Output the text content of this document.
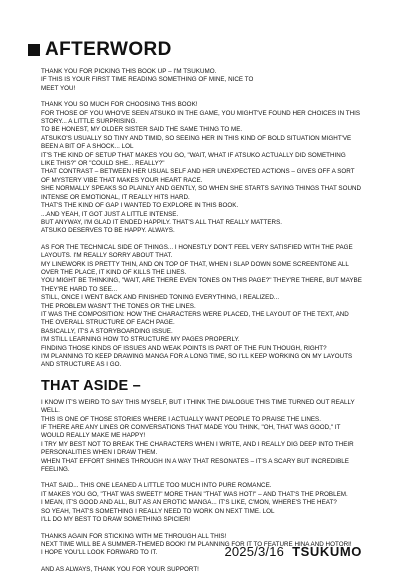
AFTERWORD
THANK YOU FOR PICKING THIS BOOK UP – I'M TSUKUMO.
IF THIS IS YOUR FIRST TIME READING SOMETHING OF MINE, NICE TO
MEET YOU!
THANK YOU SO MUCH FOR CHOOSING THIS BOOK!
FOR THOSE OF YOU WHO'VE SEEN ATSUKO IN THE GAME, YOU MIGHT'VE FOUND HER CHOICES IN THIS
STORY... A LITTLE SURPRISING.
TO BE HONEST, MY OLDER SISTER SAID THE SAME THING TO ME.
ATSUKO'S USUALLY SO TINY AND TIMID, SO SEEING HER IN THIS KIND OF BOLD SITUATION MIGHT'VE
BEEN A BIT OF A SHOCK... LOL
IT'S THE KIND OF SETUP THAT MAKES YOU GO, "WAIT, WHAT IF ATSUKO ACTUALLY DID SOMETHING
LIKE THIS?" OR "COULD SHE... REALLY?"
THAT CONTRAST – BETWEEN HER USUAL SELF AND HER UNEXPECTED ACTIONS – GIVES OFF A SORT
OF MYSTERY VIBE THAT MAKES YOUR HEART RACE.
SHE NORMALLY SPEAKS SO PLAINLY AND GENTLY, SO WHEN SHE STARTS SAYING THINGS THAT SOUND
INTENSE OR EMOTIONAL, IT REALLY HITS HARD.
THAT'S THE KIND OF GAP I WANTED TO EXPLORE IN THIS BOOK.
...AND YEAH, IT GOT JUST A LITTLE INTENSE.
BUT ANYWAY, I'M GLAD IT ENDED HAPPILY. THAT'S ALL THAT REALLY MATTERS.
ATSUKO DESERVES TO BE HAPPY. ALWAYS.
AS FOR THE TECHNICAL SIDE OF THINGS... I HONESTLY DON'T FEEL VERY SATISFIED WITH THE PAGE
LAYOUTS. I'M REALLY SORRY ABOUT THAT.
MY LINEWORK IS PRETTY THIN, AND ON TOP OF THAT, WHEN I SLAP DOWN SOME SCREENTONE ALL
OVER THE PLACE, IT KIND OF KILLS THE LINES.
YOU MIGHT BE THINKING, "WAIT, ARE THERE EVEN TONES ON THIS PAGE?" THEY'RE THERE, BUT MAYBE
THEY'RE HARD TO SEE...
STILL, ONCE I WENT BACK AND FINISHED TONING EVERYTHING, I REALIZED...
THE PROBLEM WASN'T THE TONES OR THE LINES.
IT WAS THE COMPOSITION: HOW THE CHARACTERS WERE PLACED, THE LAYOUT OF THE TEXT, AND
THE OVERALL STRUCTURE OF EACH PAGE.
BASICALLY, IT'S A STORYBOARDING ISSUE.
I'M STILL LEARNING HOW TO STRUCTURE MY PAGES PROPERLY.
FINDING THOSE KINDS OF ISSUES AND WEAK POINTS IS PART OF THE FUN THOUGH, RIGHT?
I'M PLANNING TO KEEP DRAWING MANGA FOR A LONG TIME, SO I'LL KEEP WORKING ON MY LAYOUTS
AND STRUCTURE AS I GO.
THAT ASIDE –
I KNOW IT'S WEIRD TO SAY THIS MYSELF, BUT I THINK THE DIALOGUE THIS TIME TURNED OUT REALLY
WELL.
THIS IS ONE OF THOSE STORIES WHERE I ACTUALLY WANT PEOPLE TO PRAISE THE LINES.
IF THERE ARE ANY LINES OR CONVERSATIONS THAT MADE YOU THINK, "OH, THAT WAS GOOD," IT
WOULD REALLY MAKE ME HAPPY!
I TRY MY BEST NOT TO BREAK THE CHARACTERS WHEN I WRITE, AND I REALLY DIG DEEP INTO THEIR
PERSONALITIES WHEN I DRAW THEM.
WHEN THAT EFFORT SHINES THROUGH IN A WAY THAT RESONATES – IT'S A SCARY BUT INCREDIBLE
FEELING.
THAT SAID... THIS ONE LEANED A LITTLE TOO MUCH INTO PURE ROMANCE.
IT MAKES YOU GO, "THAT WAS SWEET!" MORE THAN "THAT WAS HOT!" – AND THAT'S THE PROBLEM.
I MEAN, IT'S GOOD AND ALL, BUT AS AN EROTIC MANGA... IT'S LIKE, C'MON, WHERE'S THE HEAT?
SO YEAH, THAT'S SOMETHING I REALLY NEED TO WORK ON NEXT TIME. LOL
I'LL DO MY BEST TO DRAW SOMETHING SPICIER!
THANKS AGAIN FOR STICKING WITH ME THROUGH ALL THIS!
NEXT TIME WILL BE A SUMMER-THEMED BOOK! I'M PLANNING FOR IT TO FEATURE HINA AND HOTORI!
I HOPE YOU'LL LOOK FORWARD TO IT.
AND AS ALWAYS, THANK YOU FOR YOUR SUPPORT!
2025/3/16 TSUKUMO
